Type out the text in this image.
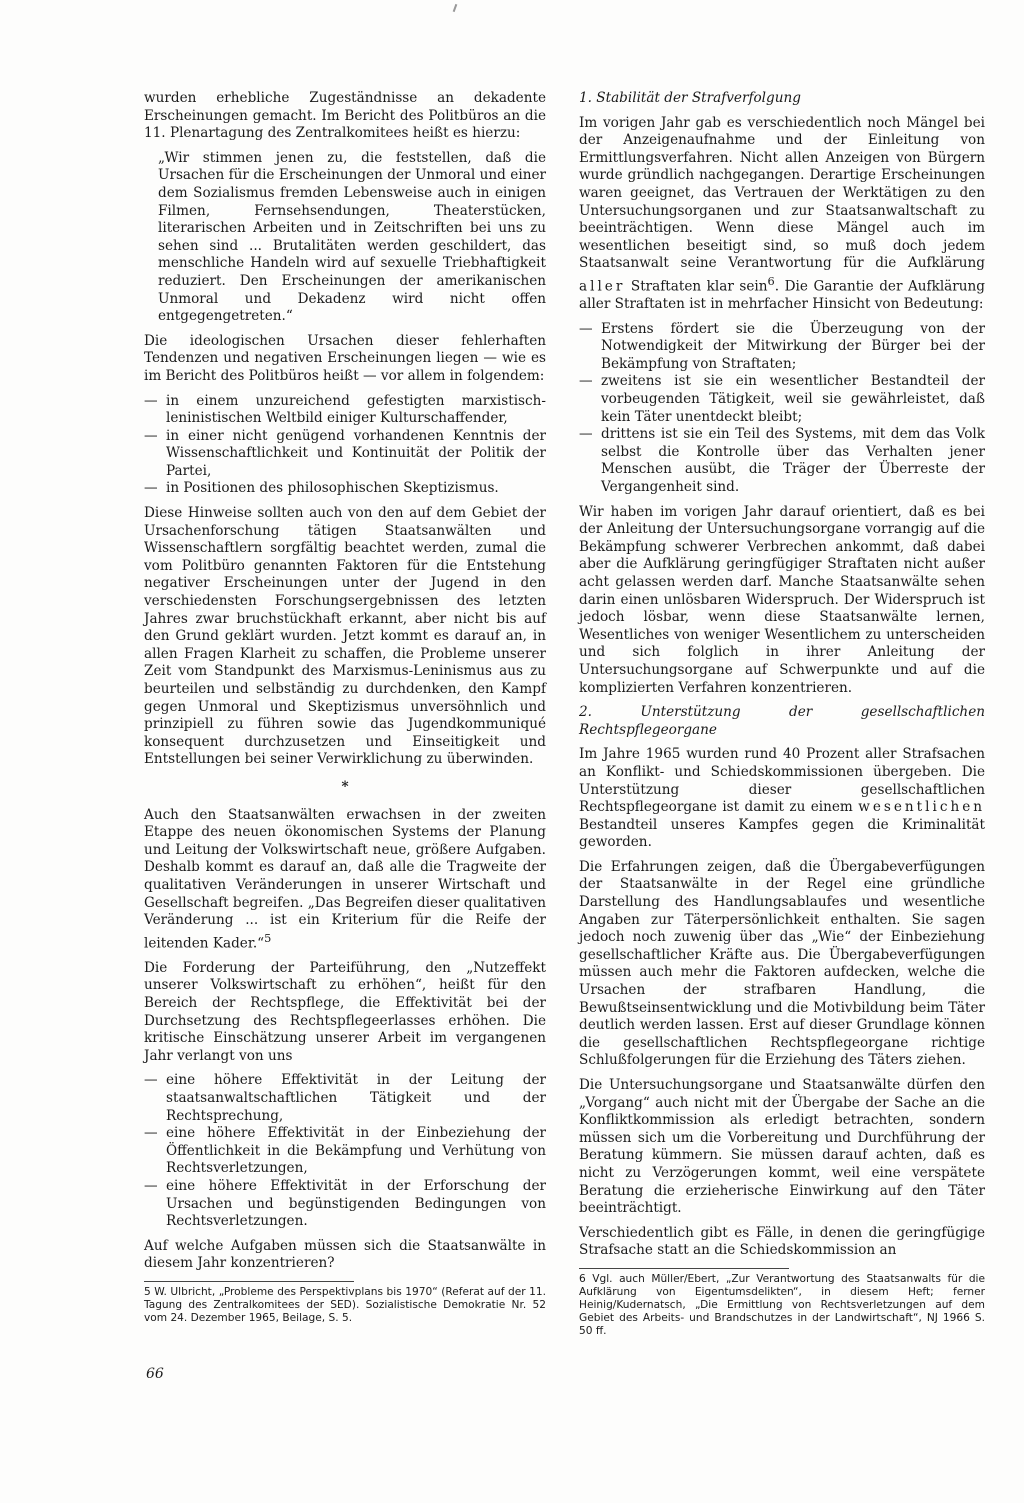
wurden erhebliche Zugeständnisse an dekadente Erscheinungen gemacht. Im Bericht des Politbüros an die 11. Plenartagung des Zentralkomitees heißt es hierzu:

„Wir stimmen jenen zu, die feststellen, daß die Ursachen für die Erscheinungen der Unmoral und einer dem Sozialismus fremden Lebensweise auch in einigen Filmen, Fernsehsendungen, Theaterstücken, literarischen Arbeiten und in Zeitschriften bei uns zu sehen sind ... Brutalitäten werden geschildert, das menschliche Handeln wird auf sexuelle Triebhaftigkeit reduziert. Den Erscheinungen der amerikanischen Unmoral und Dekadenz wird nicht offen entgegengetreten.“

Die ideologischen Ursachen dieser fehlerhaften Tendenzen und negativen Erscheinungen liegen — wie es im Bericht des Politbüros heißt — vor allem in folgendem:

— in einem unzureichend gefestigten marxistisch-leninistischen Weltbild einiger Kulturschaffender,
— in einer nicht genügend vorhandenen Kenntnis der Wissenschaftlichkeit und Kontinuität der Politik der Partei,
— in Positionen des philosophischen Skeptizismus.

Diese Hinweise sollten auch von den auf dem Gebiet der Ursachenforschung tätigen Staatsanwälten und Wissenschaftlern sorgfältig beachtet werden, zumal die vom Politbüro genannten Faktoren für die Entstehung negativer Erscheinungen unter der Jugend in den verschiedensten Forschungsergebnissen des letzten Jahres zwar bruchstückhaft erkannt, aber nicht bis auf den Grund geklärt wurden. Jetzt kommt es darauf an, in allen Fragen Klarheit zu schaffen, die Probleme unserer Zeit vom Standpunkt des Marxismus-Leninismus aus zu beurteilen und selbständig zu durchdenken, den Kampf gegen Unmoral und Skeptizismus unversöhnlich und prinzipiell zu führen sowie das Jugendkommuniqué konsequent durchzusetzen und Einseitigkeit und Entstellungen bei seiner Verwirklichung zu überwinden.

*

Auch den Staatsanwälten erwachsen in der zweiten Etappe des neuen ökonomischen Systems der Planung und Leitung der Volkswirtschaft neue, größere Aufgaben. Deshalb kommt es darauf an, daß alle die Tragweite der qualitativen Veränderungen in unserer Wirtschaft und Gesellschaft begreifen. „Das Begreifen dieser qualitativen Veränderung ... ist ein Kriterium für die Reife der leitenden Kader.“$^5$

Die Forderung der Parteiführung, den „Nutzeffekt unserer Volkswirtschaft zu erhöhen“, heißt für den Bereich der Rechtspflege, die Effektivität bei der Durchsetzung des Rechtspflegeerlasses erhöhen. Die kritische Einschätzung unserer Arbeit im vergangenen Jahr verlangt von uns

— eine höhere Effektivität in der Leitung der staatsanwaltschaftlichen Tätigkeit und der Rechtsprechung,
— eine höhere Effektivität in der Einbeziehung der Öffentlichkeit in die Bekämpfung und Verhütung von Rechtsverletzungen,
— eine höhere Effektivität in der Erforschung der Ursachen und begünstigenden Bedingungen von Rechtsverletzungen.

Auf welche Aufgaben müssen sich die Staatsanwälte in diesem Jahr konzentrieren?

5 W. Ulbricht, „Probleme des Perspektivplans bis 1970“ (Referat auf der 11. Tagung des Zentralkomitees der SED). Sozialistische Demokratie Nr. 52 vom 24. Dezember 1965, Beilage, S. 5.

1. Stabilität der Strafverfolgung

Im vorigen Jahr gab es verschiedentlich noch Mängel bei der Anzeigenaufnahme und der Einleitung von Ermittlungsverfahren. Nicht allen Anzeigen von Bürgern wurde gründlich nachgegangen. Derartige Erscheinungen waren geeignet, das Vertrauen der Werktätigen zu den Untersuchungsorganen und zur Staatsanwaltschaft zu beeinträchtigen. Wenn diese Mängel auch im wesentlichen beseitigt sind, so muß doch jedem Staatsanwalt seine Verantwortung für die Aufklärung aller Straftaten klar sein$^6$. Die Garantie der Aufklärung aller Straftaten ist in mehrfacher Hinsicht von Bedeutung:

— Erstens fördert sie die Überzeugung von der Notwendigkeit der Mitwirkung der Bürger bei der Bekämpfung von Straftaten;
— zweitens ist sie ein wesentlicher Bestandteil der vorbeugenden Tätigkeit, weil sie gewährleistet, daß kein Täter unentdeckt bleibt;
— drittens ist sie ein Teil des Systems, mit dem das Volk selbst die Kontrolle über das Verhalten jener Menschen ausübt, die Träger der Überreste der Vergangenheit sind.

Wir haben im vorigen Jahr darauf orientiert, daß es bei der Anleitung der Untersuchungsorgane vorrangig auf die Bekämpfung schwerer Verbrechen ankommt, daß dabei aber die Aufklärung geringfügiger Straftaten nicht außer acht gelassen werden darf. Manche Staatsanwälte sehen darin einen unlösbaren Widerspruch. Der Widerspruch ist jedoch lösbar, wenn diese Staatsanwälte lernen, Wesentliches von weniger Wesentlichem zu unterscheiden und sich folglich in ihrer Anleitung der Untersuchungsorgane auf Schwerpunkte und auf die komplizierten Verfahren konzentrieren.

2. Unterstützung der gesellschaftlichen Rechtspflegeorgane

Im Jahre 1965 wurden rund 40 Prozent aller Strafsachen an Konflikt- und Schiedskommissionen übergeben. Die Unterstützung dieser gesellschaftlichen Rechtspflegeorgane ist damit zu einem wesentlichen Bestandteil unseres Kampfes gegen die Kriminalität geworden.

Die Erfahrungen zeigen, daß die Übergabeverfügungen der Staatsanwälte in der Regel eine gründliche Darstellung des Handlungsablaufes und wesentliche Angaben zur Täterpersönlichkeit enthalten. Sie sagen jedoch noch zuwenig über das „Wie“ der Einbeziehung gesellschaftlicher Kräfte aus. Die Übergabeverfügungen müssen auch mehr die Faktoren aufdecken, welche die Ursachen der strafbaren Handlung, die Bewußtseinsentwicklung und die Motivbildung beim Täter deutlich werden lassen. Erst auf dieser Grundlage können die gesellschaftlichen Rechtspflegeorgane richtige Schlußfolgerungen für die Erziehung des Täters ziehen.

Die Untersuchungsorgane und Staatsanwälte dürfen den „Vorgang“ auch nicht mit der Übergabe der Sache an die Konfliktkommission als erledigt betrachten, sondern müssen sich um die Vorbereitung und Durchführung der Beratung kümmern. Sie müssen darauf achten, daß es nicht zu Verzögerungen kommt, weil eine verspätete Beratung die erzieherische Einwirkung auf den Täter beeinträchtigt.

Verschiedentlich gibt es Fälle, in denen die geringfügige Strafsache statt an die Schiedskommission an

6 Vgl. auch Müller/Ebert, „Zur Verantwortung des Staatsanwalts für die Aufklärung von Eigentumsdelikten“, in diesem Heft; ferner Heinig/Kudernatsch, „Die Ermittlung von Rechtsverletzungen auf dem Gebiet des Arbeits- und Brandschutzes in der Landwirtschaft“, NJ 1966 S. 50 ff.
66
